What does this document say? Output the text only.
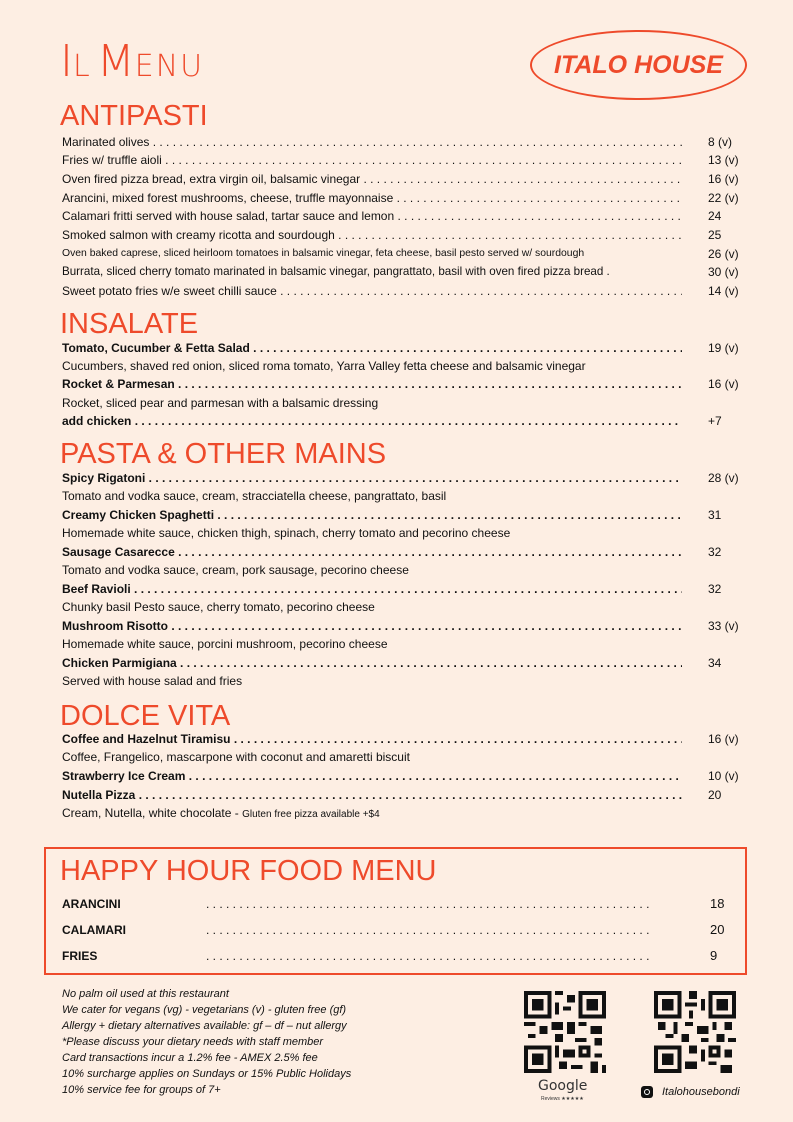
IL MENU	ITALO HOUSE
ANTIPASTI
Marinated olives . . .	8 (v)
Fries w/ truffle aioli . . .	13 (v)
Oven fired pizza bread, extra virgin oil, balsamic vinegar . . .	16 (v)
Arancini, mixed forest mushrooms, cheese, truffle mayonnaise . . .	22 (v)
Calamari fritti served with house salad, tartar sauce and lemon . . .	24
Smoked salmon with creamy ricotta and sourdough . . .	25
Oven baked caprese, sliced heirloom tomatoes in balsamic vinegar, feta cheese, basil pesto served w/ sourdough	26 (v)
Burrata, sliced cherry tomato marinated in balsamic vinegar, pangrattato, basil with oven fired pizza bread .	30 (v)
Sweet potato fries w/e sweet chilli sauce . . .	14 (v)
INSALATE
Tomato, Cucumber & Fetta Salad . . .	19 (v)
Cucumbers, shaved red onion, sliced roma tomato, Yarra Valley fetta cheese and balsamic vinegar
Rocket & Parmesan . . .	16 (v)
Rocket, sliced pear and parmesan with a balsamic dressing
add chicken . . .	+7
PASTA & OTHER MAINS
Spicy Rigatoni . . .	28 (v)
Tomato and vodka sauce, cream, stracciatella cheese, pangrattato, basil
Creamy Chicken Spaghetti . . .	31
Homemade white sauce, chicken thigh, spinach, cherry tomato and pecorino cheese
Sausage Casarecce . . .	32
Tomato and vodka sauce, cream, pork sausage, pecorino cheese
Beef Ravioli . . .	32
Chunky basil Pesto sauce, cherry tomato, pecorino cheese
Mushroom Risotto . . .	33 (v)
Homemade white sauce, porcini mushroom, pecorino cheese
Chicken Parmigiana . . .	34
Served with house salad and fries
DOLCE VITA
Coffee and Hazelnut Tiramisu . . .	16 (v)
Coffee, Frangelico, mascarpone with coconut and amaretti biscuit
Strawberry Ice Cream . . .	10 (v)
Nutella Pizza . . .	20
Cream, Nutella, white chocolate - Gluten free pizza available +$4
HAPPY HOUR FOOD MENU
ARANCINI	. . . . . . . . . . . . . . . . . . . . . . . . . . . . . . . . . . . . . . . . . . . . . . . . . . . . . . . . . . . . . . . . . . .	18
CALAMARI	. . . . . . . . . . . . . . . . . . . . . . . . . . . . . . . . . . . . . . . . . . . . . . . . . . . . . . . . . . . . . . . . . . .	20
FRIES	. . . . . . . . . . . . . . . . . . . . . . . . . . . . . . . . . . . . . . . . . . . . . . . . . . . . . . . . . . . . . . . . . . .	9
No palm oil used at this restaurant
We cater for vegans (vg) - vegetarians (v) - gluten free (gf)
Allergy + dietary alternatives available: gf – df – nut allergy
*Please discuss your dietary needs with staff member
Card transactions incur a 1.2% fee - AMEX 2.5% fee
10% surcharge applies on Sundays or 15% Public Holidays
10% service fee for groups of 7+	Google
Reviews ★★★★★
Italohousebondi
